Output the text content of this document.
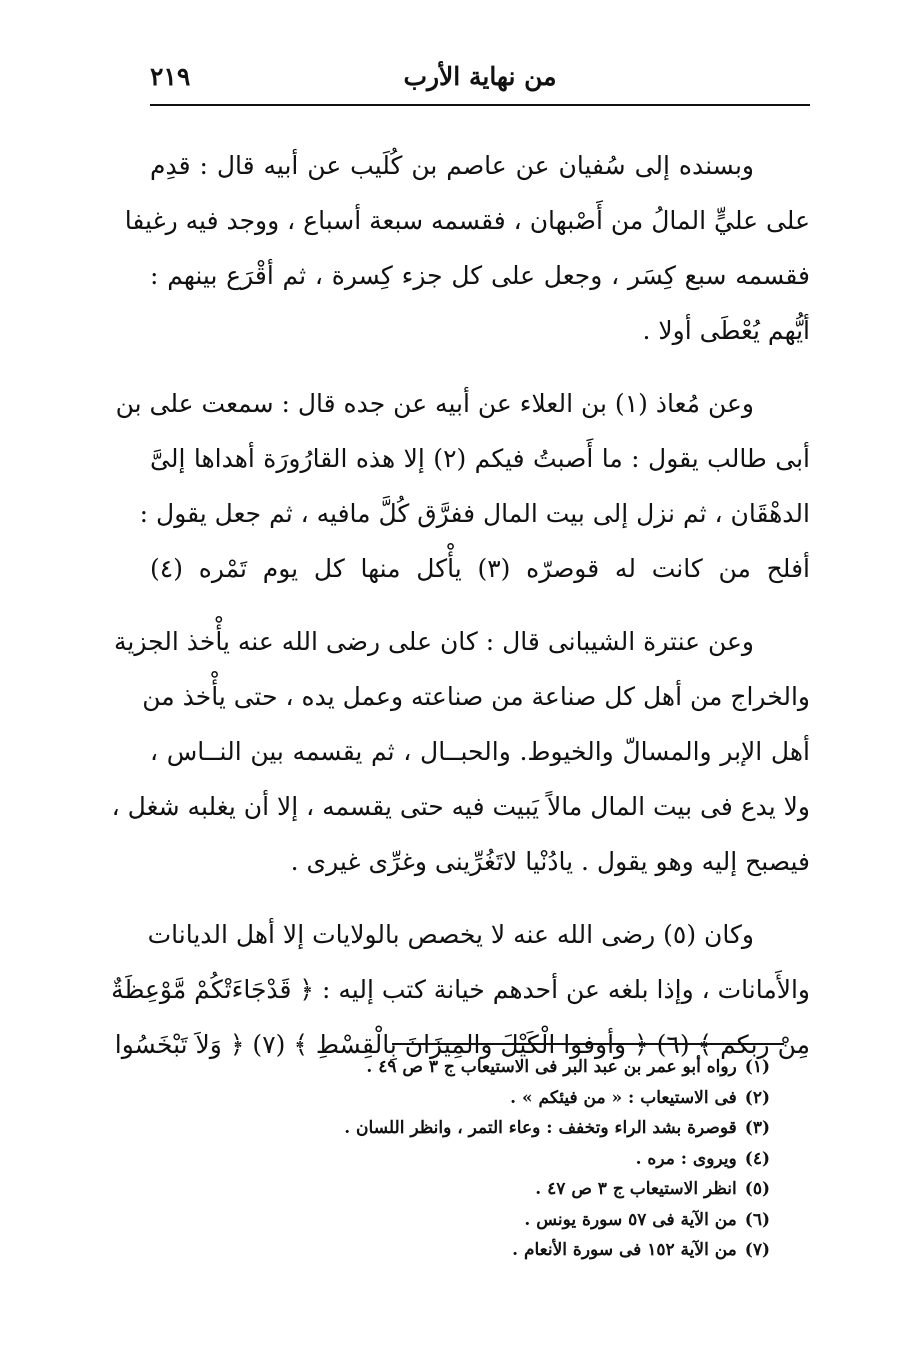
من نهاية الأرب
٢١٩

وبسنده إلى سُفيان عن عاصم بن كُلَيب عن أبيه قال : قدِم
على عليٍّ المالُ من أَصْبهان ، فقسمه سبعة أسباع ، ووجد فيه رغيفا
فقسمه سبع كِسَر ، وجعل على كل جزء كِسرة ، ثم أقْرَع بينهم :
أيُّهم يُعْطَى أولا .

وعن مُعاذ (١) بن العلاء عن أبيه عن جده قال : سمعت على بن
أبى طالب يقول : ما أَصبتُ فيكم (٢) إلا هذه القارُورَة أهداها إلىَّ
الدهْقَان ، ثم نزل إلى بيت المال ففرَّق كُلَّ مافيه ، ثم جعل يقول :
أفلح من كانت له قوصرّه (٣) يأْكل منها كل يوم تَمْره (٤)

وعن عنترة الشيبانى قال : كان على رضى الله عنه يأْخذ الجزية
والخراج من أهل كل صناعة من صناعته وعمل يده ، حتى يأْخذ من
أهل الإبر والمسالّ والخيوط. والحبــال ، ثم يقسمه بين النــاس ،
ولا يدع فى بيت المال مالاً يَبيت فيه حتى يقسمه ، إلا أن يغلبه شغل ،
فيصبح إليه وهو يقول . يادُنْيا لاتَغُرِّينى وغرِّى غيرى .

وكان (٥) رضى الله عنه لا يخصص بالولايات إلا أهل الديانات
والأَمانات ، وإذا بلغه عن أحدهم خيانة كتب إليه : ﴿ قَدْجَاءَتْكُمْ مَّوْعِظَةٌ
مِنْ ربكم ﴾ (٦) ﴿ وأوفوا الْكَيْلَ والمِيزَانَ بِالْقِسْطِ ﴾ (٧) ﴿ وَلاَ تَبْخَسُوا

(١)رواه أبو عمر بن عبد البر فى الاستيعاب ج ٣ ص ٤٩ .
(٢)فى الاستيعاب : « من فيئكم » .
(٣)قوصرة بشد الراء وتخفف : وعاء التمر ، وانظر اللسان .
(٤)ويروى : مره .
(٥)انظر الاستيعاب ج ٣ ص ٤٧ .
(٦)من الآية فى ٥٧ سورة يونس .
(٧)من الآية ١٥٢ فى سورة الأنعام .
